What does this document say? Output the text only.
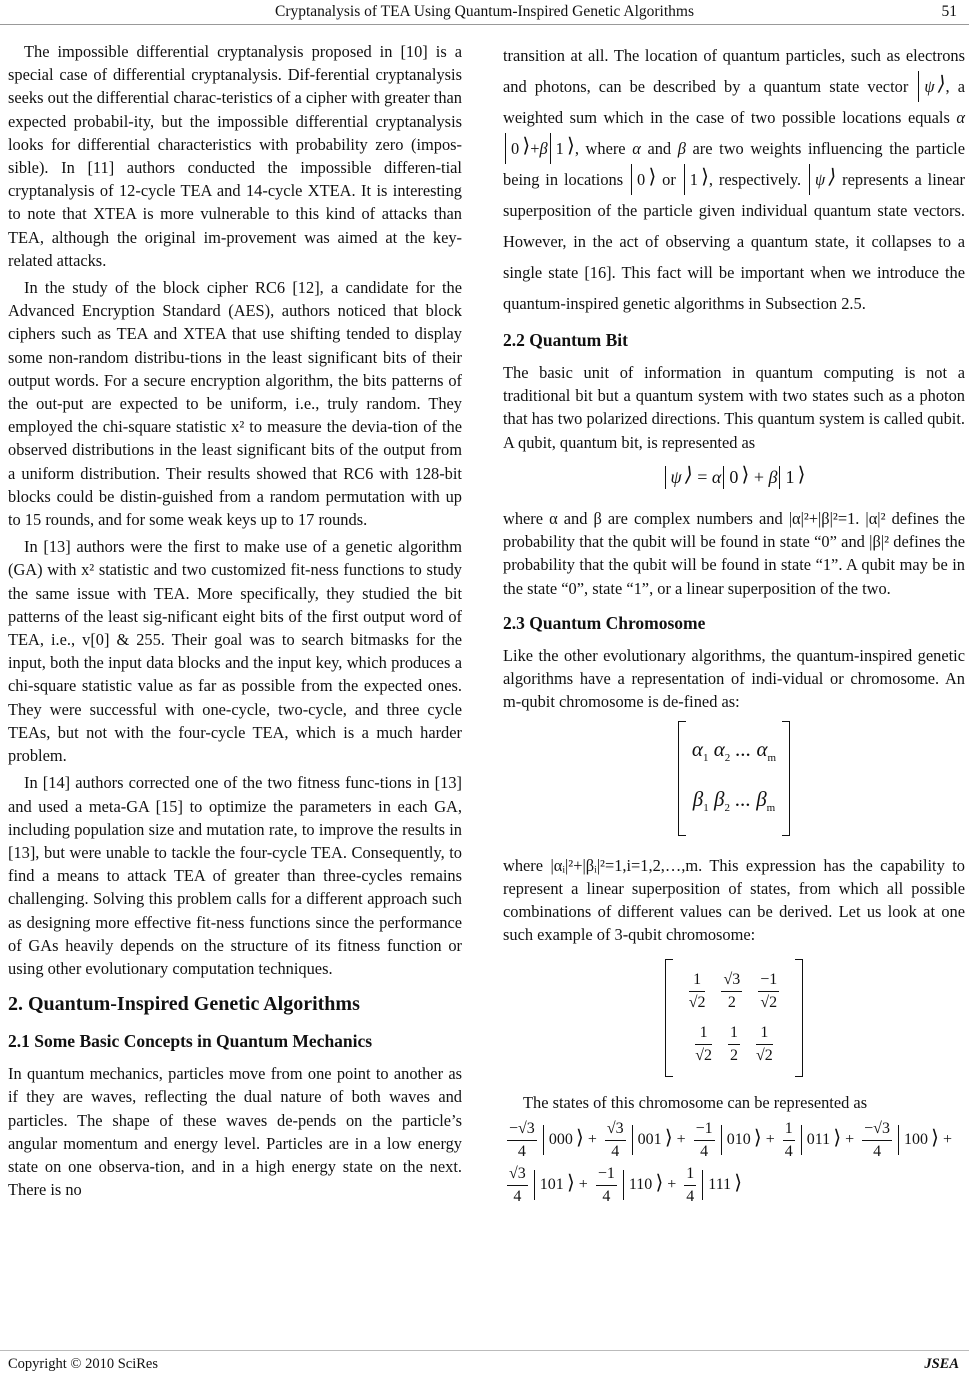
Cryptanalysis of TEA Using Quantum-Inspired Genetic Algorithms	51

The impossible differential cryptanalysis proposed in [10] is a special case of differential cryptanalysis. Dif-ferential cryptanalysis seeks out the differential charac-teristics of a cipher with greater than expected probabil-ity, but the impossible differential cryptanalysis looks for differential characteristics with probability zero (impos-sible). In [11] authors conducted the impossible differen-tial cryptanalysis of 12-cycle TEA and 14-cycle XTEA. It is interesting to note that XTEA is more vulnerable to this kind of attacks than TEA, although the original im-provement was aimed at the key-related attacks.

In the study of the block cipher RC6 [12], a candidate for the Advanced Encryption Standard (AES), authors noticed that block ciphers such as TEA and XTEA that use shifting tended to display some non-random distribu-tions in the least significant bits of their output words. For a secure encryption algorithm, the bits patterns of the out-put are expected to be uniform, i.e., truly random. They employed the chi-square statistic x² to measure the devia-tion of the observed distributions in the least significant bits of the output from a uniform distribution. Their results showed that RC6 with 128-bit blocks could be distin-guished from a random permutation with up to 15 rounds, and for some weak keys up to 17 rounds.

In [13] authors were the first to make use of a genetic algorithm (GA) with x² statistic and two customized fit-ness functions to study the same issue with TEA. More specifically, they studied the bit patterns of the least sig-nificant eight bits of the first output word of TEA, i.e., v[0] & 255. Their goal was to search bitmasks for the input, both the input data blocks and the input key, which produces a chi-square statistic value as far as possible from the expected ones. They were successful with one-cycle, two-cycle, and three cycle TEAs, but not with the four-cycle TEA, which is a much harder problem.

In [14] authors corrected one of the two fitness func-tions in [13] and used a meta-GA [15] to optimize the parameters in each GA, including population size and mutation rate, to improve the results in [13], but were unable to tackle the four-cycle TEA. Consequently, to find a means to attack TEA of greater than three-cycles remains challenging. Solving this problem calls for a different approach such as designing more effective fit-ness functions since the performance of GAs heavily depends on the structure of its fitness function or using other evolutionary computation techniques.

2. Quantum-Inspired Genetic Algorithms
2.1 Some Basic Concepts in Quantum Mechanics

In quantum mechanics, particles move from one point to another as if they are waves, reflecting the dual nature of both waves and particles. The shape of these waves de-pends on the particle’s angular momentum and energy level. Particles are in a low energy state on one observa-tion, and in a high energy state on the next. There is no

transition at all. The location of quantum particles, such as electrons and photons, can be described by a quantum state vector ψ ⟩ , a weighted sum which in the case of two possible locations equals α0 ⟩ +β 1 ⟩ , where α and β are two weights influencing the particle being in locations 0 ⟩ or 1 ⟩ , respectively. ψ ⟩ represents a linear superposition of the particle given individual quantum state vectors. However, in the act of observing a quantum state, it collapses to a single state [16]. This fact will be important when we introduce the quantum-inspired genetic algorithms in Subsection 2.5.

2.2 Quantum Bit

The basic unit of information in quantum computing is not a traditional bit but a quantum system with two states such as a photon that has two polarized directions. This quantum system is called qubit. A qubit, quantum bit, is represented as

ψ ⟩ = α 0 ⟩ + β 1 ⟩

where α and β are complex numbers and |α|²+|β|²=1. |α|² defines the probability that the qubit will be found in state “0” and |β|² defines the probability that the qubit will be found in state “1”. A qubit may be in the state “0”, state “1”, or a linear superposition of the two.

2.3 Quantum Chromosome

Like the other evolutionary algorithms, the quantum-inspired genetic algorithms have a representation of indi-vidual or chromosome. An m-qubit chromosome is de-fined as:

$\alpha_1$ $\alpha_2$ ... $\alpha_m$
$\beta_1$ $\beta_2$ ... $\beta_m$

where |αᵢ|²+|βᵢ|²=1,i=1,2,…,m. This expression has the capability to represent a linear superposition of states, from which all possible combinations of different values can be derived. Let us look at one such example of 3-qubit chromosome:

$\frac{1}{√2} \frac{√3}{2} \frac{-1}{√2}$
$\frac{1}{√2} \frac{1}{2} \frac{1}{√2}$

The states of this chromosome can be represented as

$\frac{-√3}{4} 000$ ⟩ + $\frac{√3}{4} 001$ ⟩ + $\frac{-1}{4} 010$ ⟩ + $\frac{1}{4} 011$ ⟩ + $\frac{-√3}{4} 100$ ⟩ +
$\frac{√3}{4} 101$ ⟩ + $\frac{-1}{4} 110$ ⟩ + $\frac{1}{4} 111$ ⟩
Copyright © 2010 SciRes	JSEA
